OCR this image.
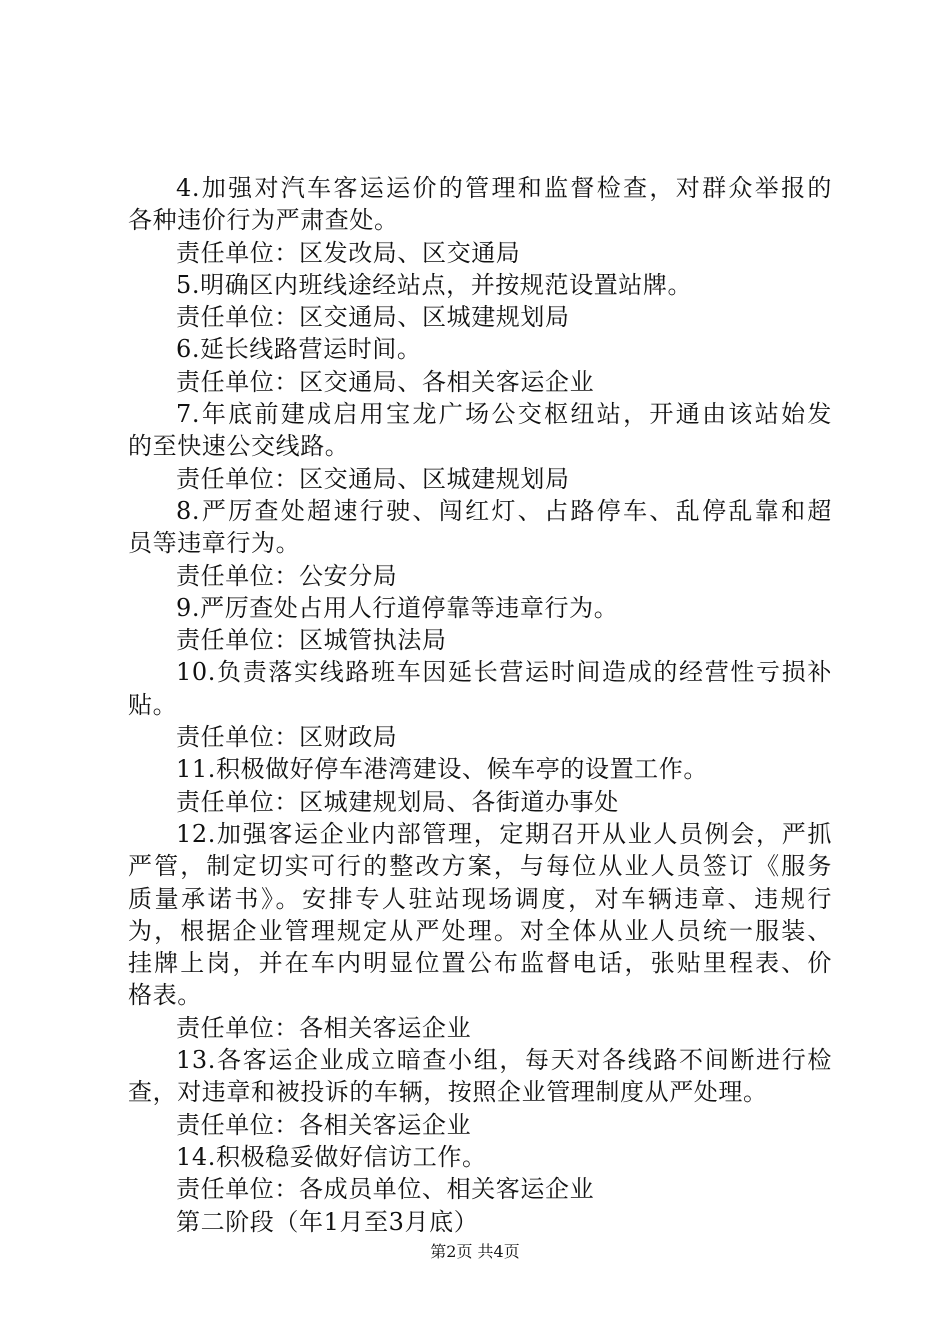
4.加强对汽车客运运价的管理和监督检查，对群众举报的
各种违价行为严肃查处。
责任单位：区发改局、区交通局
5.明确区内班线途经站点，并按规范设置站牌。
责任单位：区交通局、区城建规划局
6.延长线路营运时间。
责任单位：区交通局、各相关客运企业
7.年底前建成启用宝龙广场公交枢纽站，开通由该站始发
的至快速公交线路。
责任单位：区交通局、区城建规划局
8.严厉查处超速行驶、闯红灯、占路停车、乱停乱靠和超
员等违章行为。
责任单位：公安分局
9.严厉查处占用人行道停靠等违章行为。
责任单位：区城管执法局
10.负责落实线路班车因延长营运时间造成的经营性亏损补
贴。
责任单位：区财政局
11.积极做好停车港湾建设、候车亭的设置工作。
责任单位：区城建规划局、各街道办事处
12.加强客运企业内部管理，定期召开从业人员例会，严抓
严管，制定切实可行的整改方案，与每位从业人员签订《服务
质量承诺书》。安排专人驻站现场调度，对车辆违章、违规行
为，根据企业管理规定从严处理。对全体从业人员统一服装、
挂牌上岗，并在车内明显位置公布监督电话，张贴里程表、价
格表。
责任单位：各相关客运企业
13.各客运企业成立暗查小组，每天对各线路不间断进行检
查，对违章和被投诉的车辆，按照企业管理制度从严处理。
责任单位：各相关客运企业
14.积极稳妥做好信访工作。
责任单位：各成员单位、相关客运企业
第二阶段（年1月至3月底）
第2页 共4页
